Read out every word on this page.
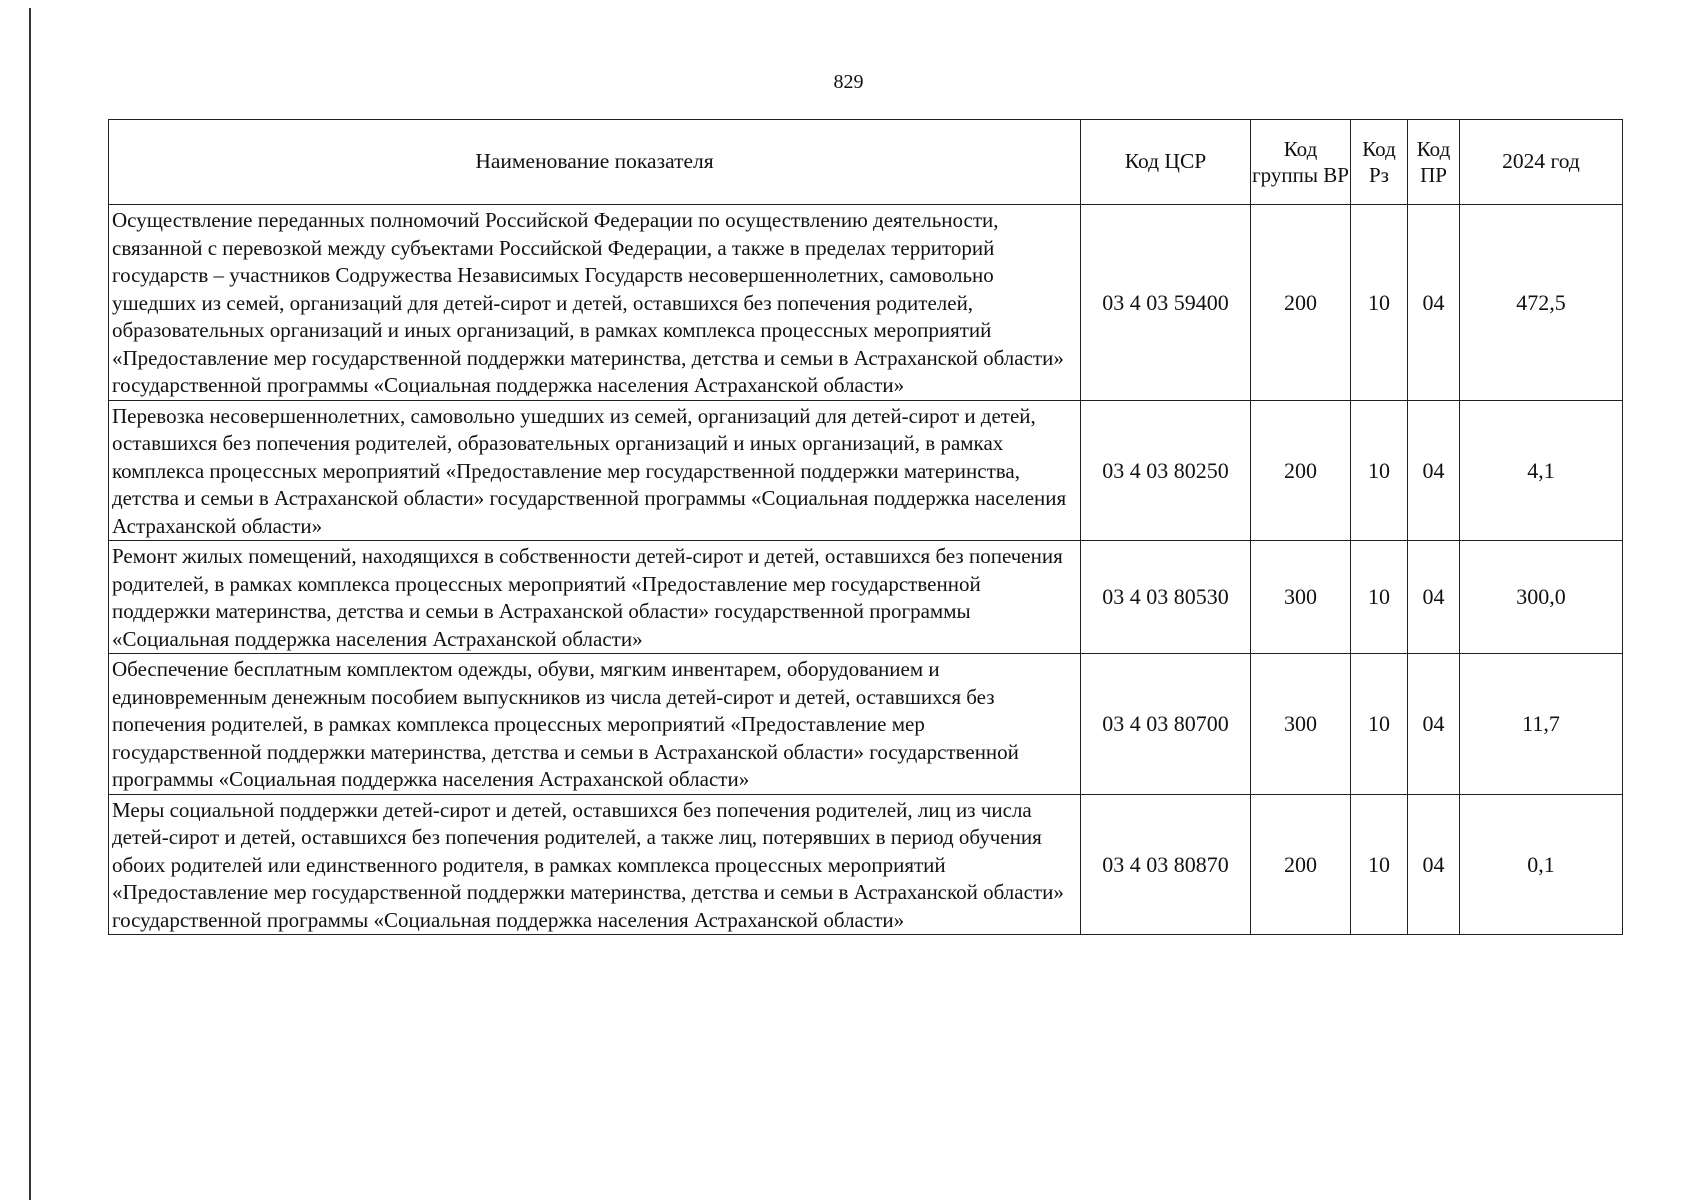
829
Наименование показателя	Код ЦСР	Код группы ВР	Код Рз	Код ПР	2024 год
Осуществление переданных полномочий Российской Федерации по осуществлению деятельности, связанной с перевозкой между субъектами Российской Федерации, а также в пределах территорий государств – участников Содружества Независимых Государств несовершеннолетних, самовольно ушедших из семей, организаций для детей-сирот и детей, оставшихся без попечения родителей, образовательных организаций и иных организаций, в рамках комплекса процессных мероприятий «Предоставление мер государственной поддержки материнства, детства и семьи в Астраханской области» государственной программы «Социальная поддержка населения Астраханской области»	03 4 03 59400	200	10	04	472,5
Перевозка несовершеннолетних, самовольно ушедших из семей, организаций для детей-сирот и детей, оставшихся без попечения родителей, образовательных организаций и иных организаций, в рамках комплекса процессных мероприятий «Предоставление мер государственной поддержки материнства, детства и семьи в Астраханской области» государственной программы «Социальная поддержка населения Астраханской области»	03 4 03 80250	200	10	04	4,1
Ремонт жилых помещений, находящихся в собственности детей-сирот и детей, оставшихся без попечения родителей, в рамках комплекса процессных мероприятий «Предоставление мер государственной поддержки материнства, детства и семьи в Астраханской области» государственной программы «Социальная поддержка населения Астраханской области»	03 4 03 80530	300	10	04	300,0
Обеспечение бесплатным комплектом одежды, обуви, мягким инвентарем, оборудованием и единовременным денежным пособием выпускников из числа детей-сирот и детей, оставшихся без попечения родителей, в рамках комплекса процессных мероприятий «Предоставление мер государственной поддержки материнства, детства и семьи в Астраханской области» государственной программы «Социальная поддержка населения Астраханской области»	03 4 03 80700	300	10	04	11,7
Меры социальной поддержки детей-сирот и детей, оставшихся без попечения родителей, лиц из числа детей-сирот и детей, оставшихся без попечения родителей, а также лиц, потерявших в период обучения обоих родителей или единственного родителя, в рамках комплекса процессных мероприятий «Предоставление мер государственной поддержки материнства, детства и семьи в Астраханской области» государственной программы «Социальная поддержка населения Астраханской области»	03 4 03 80870	200	10	04	0,1
